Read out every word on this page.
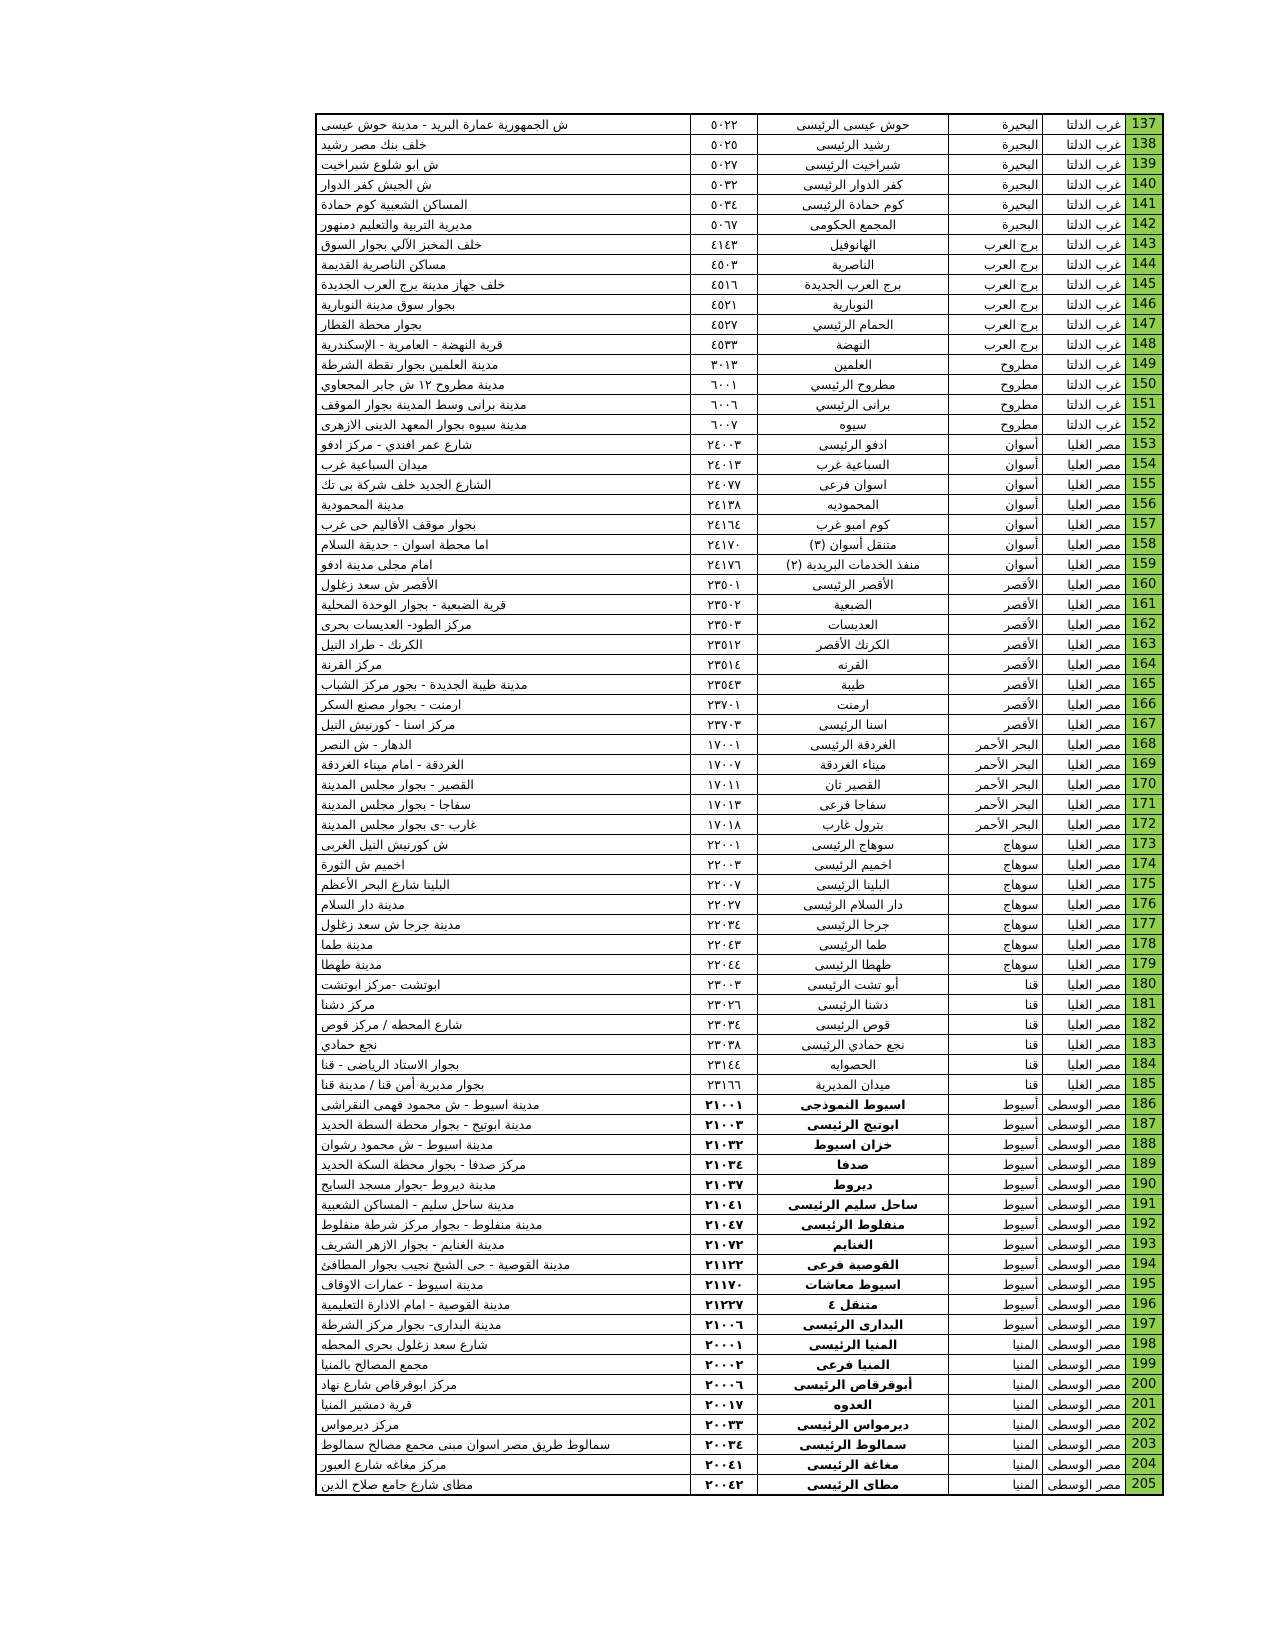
ش الجمهورية عمارة البريد - مدينة حوش عيسى	٥٠٢٢	حوش عيسى الرئيسى	البحيرة	غرب الدلتا	137
خلف بنك مصر رشيد	٥٠٢٥	رشيد الرئيسى	البحيرة	غرب الدلتا	138
ش ابو شلوع شبراخيت	٥٠٢٧	شبراخيت الرئيسى	البحيرة	غرب الدلتا	139
ش الجيش كفر الدوار	٥٠٣٢	كفر الدوار الرئيسى	البحيرة	غرب الدلتا	140
المساكن الشعبية كوم حمادة	٥٠٣٤	كوم حمادة الرئيسى	البحيرة	غرب الدلتا	141
مديرية التربية والتعليم دمنهور	٥٠٦٧	المجمع الحكومى	البحيرة	غرب الدلتا	142
خلف المخبز الآلي بجوار السوق	٤١٤٣	الهانوفيل	برج العرب	غرب الدلتا	143
مساكن الناصرية القديمة	٤٥٠٣	الناصرية	برج العرب	غرب الدلتا	144
خلف جهاز مدينة برج العرب الجديدة	٤٥١٦	برج العرب الجديدة	برج العرب	غرب الدلتا	145
بجوار سوق مدينة النوبارية	٤٥٢١	النوبارية	برج العرب	غرب الدلتا	146
بجوار محطة القطار	٤٥٢٧	الحمام الرئيسي	برج العرب	غرب الدلتا	147
قرية النهضة - العامرية - الإسكندرية	٤٥٣٣	النهضة	برج العرب	غرب الدلتا	148
مدينة العلمين بجوار نقطة الشرطة	٣٠١٣	العلمين	مطروح	غرب الدلتا	149
مدينة مطروح ١٢ ش جابر المجعاوي	٦٠٠١	مطروح الرئيسي	مطروح	غرب الدلتا	150
مدينة برانى وسط المدينة بجوار الموقف	٦٠٠٦	برانى الرئيسي	مطروح	غرب الدلتا	151
مدينة سيوه بجوار المعهد الدينى الازهرى	٦٠٠٧	سيوه	مطروح	غرب الدلتا	152
شارع عمر افندي - مركز ادفو	٢٤٠٠٣	ادفو الرئيسى	أسوان	مصر العليا	153
ميدان السباعية غرب	٢٤٠١٣	السباعية غرب	أسوان	مصر العليا	154
الشارع الجديد خلف شركة بى تك	٢٤٠٧٧	اسوان فرعى	أسوان	مصر العليا	155
مدينة المحمودية	٢٤١٣٨	المحموديه	أسوان	مصر العليا	156
بجوار موقف الأقاليم حى غرب	٢٤١٦٤	كوم امبو غرب	أسوان	مصر العليا	157
اما محطة اسوان - حديقة السلام	٢٤١٧٠	متنقل أسوان (٣)	أسوان	مصر العليا	158
امام مجلى مدينة ادفو	٢٤١٧٦	منفذ الخدمات البريدية (٢)	أسوان	مصر العليا	159
الأقصر ش سعد زغلول	٢٣٥٠١	الأقصر الرئيسى	الأقصر	مصر العليا	160
قرية الضبعية - بجوار الوحدة المحلية	٢٣٥٠٢	الضبعية	الأقصر	مصر العليا	161
مركز الطود- العديسات بحرى	٢٣٥٠٣	العديسات	الأقصر	مصر العليا	162
الكرنك - طراد النيل	٢٣٥١٢	الكرنك الأقصر	الأقصر	مصر العليا	163
مركز القرنة	٢٣٥١٤	القرنه	الأقصر	مصر العليا	164
مدينة طيبة الجديدة - بجور مركز الشباب	٢٣٥٤٣	طيبة	الأقصر	مصر العليا	165
ارمنت - بجوار مصنع السكر	٢٣٧٠١	ارمنت	الأقصر	مصر العليا	166
مركز اسنا - كورنيش النيل	٢٣٧٠٣	اسنا الرئيسى	الأقصر	مصر العليا	167
الدهار - ش النصر	١٧٠٠١	الغردقة الرئيسى	البحر الأحمر	مصر العليا	168
الغردقة - امام ميناء الغردقة	١٧٠٠٧	ميناء الغردقة	البحر الأحمر	مصر العليا	169
القصير - بجوار مجلس المدينة	١٧٠١١	القصير ثان	البحر الأحمر	مصر العليا	170
سفاجا - بجوار مجلس المدينة	١٧٠١٣	سفاجا فرعى	البحر الأحمر	مصر العليا	171
غارب -ى بجوار مجلس المدينة	١٧٠١٨	بترول غارب	البحر الأحمر	مصر العليا	172
ش كورنيش النيل الغربى	٢٢٠٠١	سوهاج الرئيسى	سوهاج	مصر العليا	173
اخميم ش الثورة	٢٢٠٠٣	اخميم الرئيسى	سوهاج	مصر العليا	174
البلينا شارع البحر الأعظم	٢٢٠٠٧	البلينا الرئيسى	سوهاج	مصر العليا	175
مدينة دار السلام	٢٢٠٢٧	دار السلام الرئيسى	سوهاج	مصر العليا	176
مدينة جرجا ش سعد زغلول	٢٢٠٣٤	جرجا الرئيسى	سوهاج	مصر العليا	177
مدينة طما	٢٢٠٤٣	طما الرئيسى	سوهاج	مصر العليا	178
مدينة طهطا	٢٢٠٤٤	طهطا الرئيسى	سوهاج	مصر العليا	179
ابوتشت -مركز ابوتشت	٢٣٠٠٣	أبو تشت الرئيسى	قنا	مصر العليا	180
مركز دشنا	٢٣٠٢٦	دشنا الرئيسى	قنا	مصر العليا	181
شارع المحطه / مركز قوص	٢٣٠٣٤	قوص الرئيسى	قنا	مصر العليا	182
نجع حمادي	٢٣٠٣٨	نجع حمادي الرئيسى	قنا	مصر العليا	183
بجوار الاستاد الرياضى - قنا	٢٣١٤٤	الحصوايه	قنا	مصر العليا	184
بجوار مديرية أمن قنا / مدينة قنا	٢٣١٦٦	ميدان المديرية	قنا	مصر العليا	185
مدينة اسيوط - ش محمود فهمى النقراشى	٢١٠٠١	اسيوط النموذجى	أسيوط	مصر الوسطى	186
مدينة ابوتيج - بجوار محطة السطة الحديد	٢١٠٠٣	ابوتيج الرئيسى	أسيوط	مصر الوسطى	187
مدينة اسيوط - ش محمود رشوان	٢١٠٣٢	خزان اسيوط	أسيوط	مصر الوسطى	188
مركز صدفا - بجوار محطة السكة الحديد	٢١٠٣٤	صدفا	أسيوط	مصر الوسطى	189
مدينة ديروط -بجوار مسجد السايح	٢١٠٣٧	ديروط	أسيوط	مصر الوسطى	190
مدينة ساحل سليم - المساكن الشعبية	٢١٠٤١	ساحل سليم الرئيسى	أسيوط	مصر الوسطى	191
مدينة منفلوط - بجوار مركز شرطة منفلوط	٢١٠٤٧	منفلوط الرئيسى	أسيوط	مصر الوسطى	192
مدينة الغنايم - بجوار الازهر الشريف	٢١٠٧٢	الغنايم	أسيوط	مصر الوسطى	193
مدينة القوصية - حى الشيخ نجيب بجوار المطافئ	٢١١٢٢	القوصية فرعى	أسيوط	مصر الوسطى	194
مدينة اسيوط - عمارات الاوقاف	٢١١٧٠	اسيوط معاشات	أسيوط	مصر الوسطى	195
مدينة القوصية - امام الادارة التعليمية	٢١٢٢٧	متنقل ٤	أسيوط	مصر الوسطى	196
مدينة البدارى- بجوار مركز الشرطة	٢١٠٠٦	البدارى الرئيسى	أسيوط	مصر الوسطى	197
شارع سعد زغلول بحرى المحطه	٢٠٠٠١	المنيا الرئيسى	المنيا	مصر الوسطى	198
مجمع المصالح بالمنيا	٢٠٠٠٢	المنيا فرعى	المنيا	مصر الوسطى	199
مركز ابوقرقاص شارع نهاد	٢٠٠٠٦	أبوقرقاص الرئيسى	المنيا	مصر الوسطى	200
قرية دمشير المنيا	٢٠٠١٧	العدوه	المنيا	مصر الوسطى	201
مركز ديرمواس	٢٠٠٣٣	ديرمواس الرئيسى	المنيا	مصر الوسطى	202
سمالوط طريق مصر اسوان مبنى مجمع مصالح سمالوط	٢٠٠٣٤	سمالوط الرئيسى	المنيا	مصر الوسطى	203
مركز مغاغه شارع العبور	٢٠٠٤١	مغاغة الرئيسى	المنيا	مصر الوسطى	204
مطاى شارع جامع صلاح الدين	٢٠٠٤٢	مطاى الرئيسى	المنيا	مصر الوسطى	205
